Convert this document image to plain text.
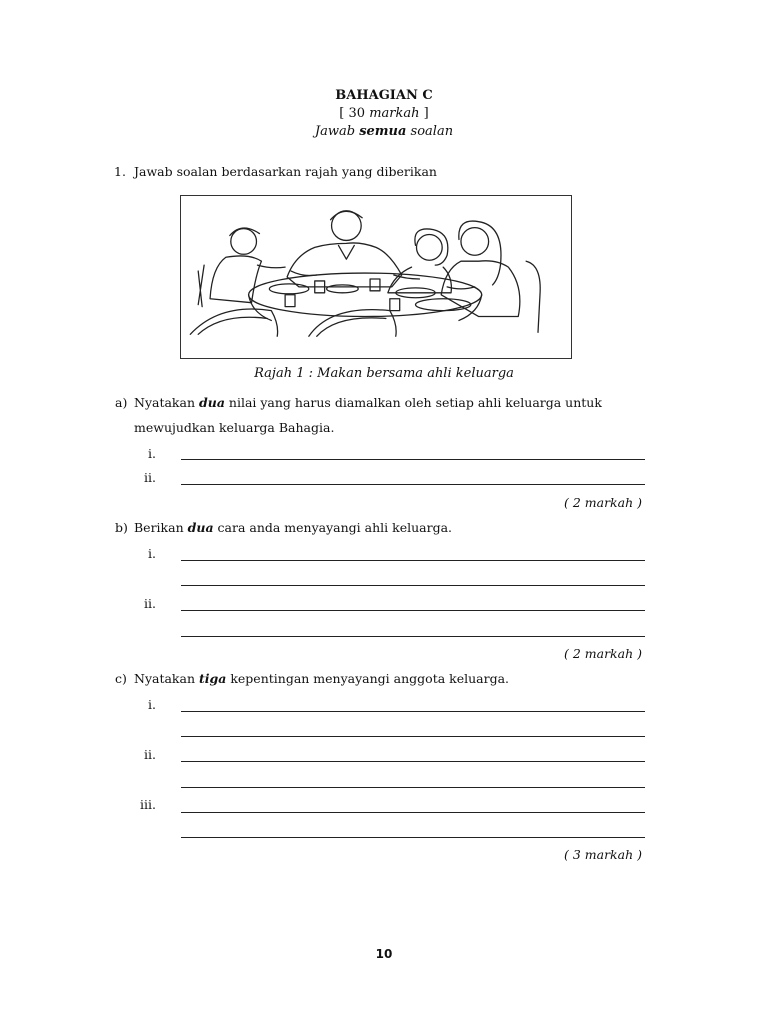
BAHAGIAN C
[ 30 markah ]
Jawab semua soalan
1. Jawab soalan berdasarkan rajah yang diberikan
Rajah 1 : Makan bersama ahli keluarga
a) Nyatakan dua nilai yang harus diamalkan oleh setiap ahli keluarga untuk
mewujudkan keluarga Bahagia.
i.
ii.
( 2 markah )
b) Berikan dua cara anda menyayangi ahli keluarga.
i.
ii.
( 2 markah )
c) Nyatakan tiga kepentingan menyayangi anggota keluarga.
i.
ii.
iii.
( 3 markah )
10
